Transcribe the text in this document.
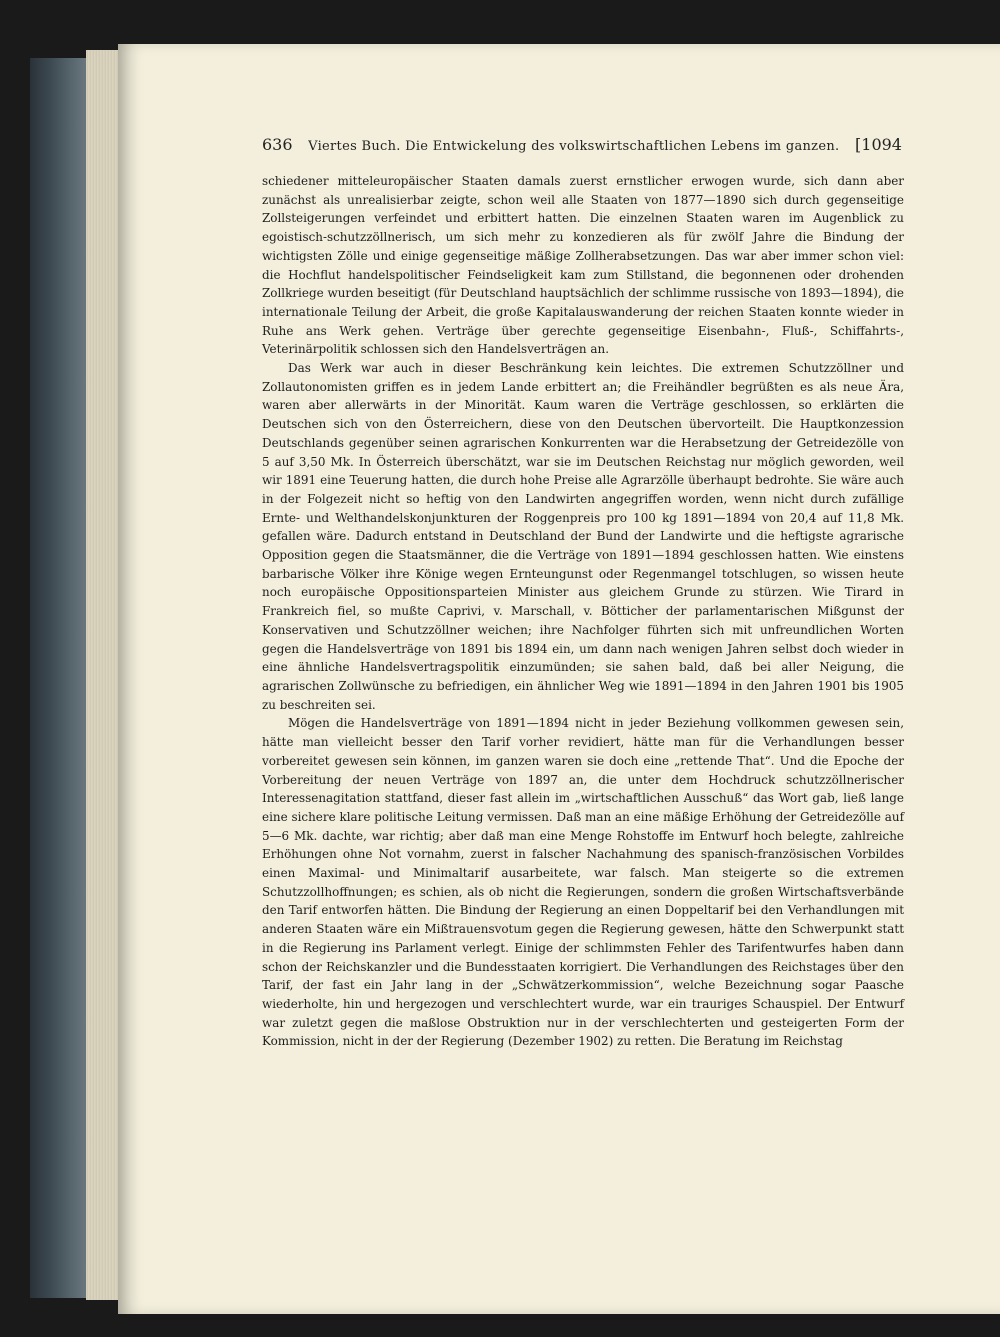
636 Viertes Buch. Die Entwickelung des volkswirtschaftlichen Lebens im ganzen. [1094

schiedener mitteleuropäischer Staaten damals zuerst ernstlicher erwogen wurde, sich dann aber zunächst als unrealisierbar zeigte, schon weil alle Staaten von 1877—1890 sich durch gegenseitige Zollsteigerungen verfeindet und erbittert hatten. Die einzelnen Staaten waren im Augenblick zu egoistisch-schutzzöllnerisch, um sich mehr zu konzedieren als für zwölf Jahre die Bindung der wichtigsten Zölle und einige gegenseitige mäßige Zollherabsetzungen. Das war aber immer schon viel: die Hochflut handelspolitischer Feindseligkeit kam zum Stillstand, die begonnenen oder drohenden Zollkriege wurden beseitigt (für Deutschland hauptsächlich der schlimme russische von 1893—1894), die internationale Teilung der Arbeit, die große Kapitalauswanderung der reichen Staaten konnte wieder in Ruhe ans Werk gehen. Verträge über gerechte gegenseitige Eisenbahn-, Fluß-, Schiffahrts-, Veterinärpolitik schlossen sich den Handelsverträgen an.

Das Werk war auch in dieser Beschränkung kein leichtes. Die extremen Schutzzöllner und Zollautonomisten griffen es in jedem Lande erbittert an; die Freihändler begrüßten es als neue Ära, waren aber allerwärts in der Minorität. Kaum waren die Verträge geschlossen, so erklärten die Deutschen sich von den Österreichern, diese von den Deutschen übervorteilt. Die Hauptkonzession Deutschlands gegenüber seinen agrarischen Konkurrenten war die Herabsetzung der Getreidezölle von 5 auf 3,50 Mk. In Österreich überschätzt, war sie im Deutschen Reichstag nur möglich geworden, weil wir 1891 eine Teuerung hatten, die durch hohe Preise alle Agrarzölle überhaupt bedrohte. Sie wäre auch in der Folgezeit nicht so heftig von den Landwirten angegriffen worden, wenn nicht durch zufällige Ernte- und Welthandelskonjunkturen der Roggenpreis pro 100 kg 1891—1894 von 20,4 auf 11,8 Mk. gefallen wäre. Dadurch entstand in Deutschland der Bund der Landwirte und die heftigste agrarische Opposition gegen die Staatsmänner, die die Verträge von 1891—1894 geschlossen hatten. Wie einstens barbarische Völker ihre Könige wegen Ernteungunst oder Regenmangel totschlugen, so wissen heute noch europäische Oppositionsparteien Minister aus gleichem Grunde zu stürzen. Wie Tirard in Frankreich fiel, so mußte Caprivi, v. Marschall, v. Bötticher der parlamentarischen Mißgunst der Konservativen und Schutzzöllner weichen; ihre Nachfolger führten sich mit unfreundlichen Worten gegen die Handelsverträge von 1891 bis 1894 ein, um dann nach wenigen Jahren selbst doch wieder in eine ähnliche Handelsvertragspolitik einzumünden; sie sahen bald, daß bei aller Neigung, die agrarischen Zollwünsche zu befriedigen, ein ähnlicher Weg wie 1891—1894 in den Jahren 1901 bis 1905 zu beschreiten sei.

Mögen die Handelsverträge von 1891—1894 nicht in jeder Beziehung vollkommen gewesen sein, hätte man vielleicht besser den Tarif vorher revidiert, hätte man für die Verhandlungen besser vorbereitet gewesen sein können, im ganzen waren sie doch eine „rettende That“. Und die Epoche der Vorbereitung der neuen Verträge von 1897 an, die unter dem Hochdruck schutzzöllnerischer Interessenagitation stattfand, dieser fast allein im „wirtschaftlichen Ausschuß“ das Wort gab, ließ lange eine sichere klare politische Leitung vermissen. Daß man an eine mäßige Erhöhung der Getreidezölle auf 5—6 Mk. dachte, war richtig; aber daß man eine Menge Rohstoffe im Entwurf hoch belegte, zahlreiche Erhöhungen ohne Not vornahm, zuerst in falscher Nachahmung des spanisch-französischen Vorbildes einen Maximal- und Minimaltarif ausarbeitete, war falsch. Man steigerte so die extremen Schutzzollhoffnungen; es schien, als ob nicht die Regierungen, sondern die großen Wirtschaftsverbände den Tarif entworfen hätten. Die Bindung der Regierung an einen Doppeltarif bei den Verhandlungen mit anderen Staaten wäre ein Mißtrauensvotum gegen die Regierung gewesen, hätte den Schwerpunkt statt in die Regierung ins Parlament verlegt. Einige der schlimmsten Fehler des Tarifentwurfes haben dann schon der Reichskanzler und die Bundesstaaten korrigiert. Die Verhandlungen des Reichstages über den Tarif, der fast ein Jahr lang in der „Schwätzerkommission“, welche Bezeichnung sogar Paasche wiederholte, hin und hergezogen und verschlechtert wurde, war ein trauriges Schauspiel. Der Entwurf war zuletzt gegen die maßlose Obstruktion nur in der verschlechterten und gesteigerten Form der Kommission, nicht in der der Regierung (Dezember 1902) zu retten. Die Beratung im Reichstag
